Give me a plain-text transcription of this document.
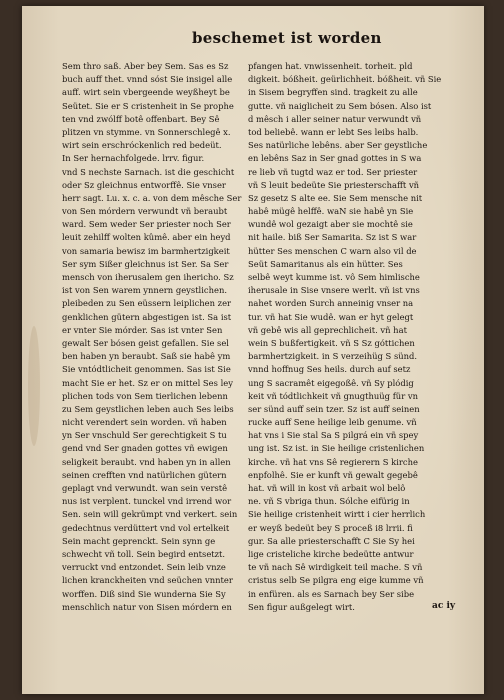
beschemet ist worden
Sem thro saß. Aber bey Sem. Sas es Sz
buch auff thet. vnnd sóst Sie insigel alle
auff. wirt sein vbergeende weyßheyt be
Seütet. Sie er S cristenheit in Se prophe
ten vnd zwólff botê offenbart. Bey Sê
plitzen vn stymme. vn Sonnerschlegê x.
wirt sein erschróckenlich red bedeüt.
In Ser hernachfolgede. lrrv. figur.
vnd S nechste Sarnach. ist die geschicht
oder Sz gleichnus entworffê. Sie vnser
herr sagt. Lu. x. c. a. von dem mêsche Ser
von Sen mórdern verwundt vñ beraubt
ward. Sem weder Ser priester noch Ser
leuit zehilff wolten kûmê. aber ein heyd
von samaria bewisz im barmhertzigkeit
Ser sym Sißer gleichnus ist Ser. Sa Ser
mensch von iherusalem gen ihericho. Sz
ist von Sen warem ynnern geystlichen.
pleibeden zu Sen eüssern leiplichen zer
genklichen gütern abgestigen ist. Sa ist
er vnter Sie mórder. Sas ist vnter Sen
gewalt Ser bósen geist gefallen. Sie sel
ben haben yn beraubt. Saß sie habê ym
Sie vntódtlicheit genommen. Sas ist Sie
macht Sie er het. Sz er on mittel Ses ley
plichen tods von Sem tierlichen lebenn
zu Sem geystlichen leben auch Ses leibs
nicht verendert sein worden. vñ haben
yn Ser vnschuld Ser gerechtigkeit S tu
gend vnd Ser gnaden gottes vñ ewigen
seligkeit beraubt. vnd haben yn in allen
seinen crefften vnd natürlichen gütern
geplagt vnd verwundt. wan sein verstê
nus ist verplent. tunckel vnd irrend wor
Sen. sein will gekrümpt vnd verkert. sein
gedechtnus verdüttert vnd vol ertelkeit
Sein macht geprenckt. Sein synn ge
schwecht vñ toll. Sein begird entsetzt.
verruckt vnd entzondet. Sein leib vnze
lichen kranckheiten vnd seüchen vnnter
worffen. Diß sind Sie wunderna Sie Sy
menschlich natur von Sisen mórdern en
pfangen hat. vnwissenheit. torheit. pld
digkeit. bóßheit. geürlichheit. bóßheit. vñ Sie
in Sisem begryffen sind. tragkeit zu alle
gutte. vñ naiglicheit zu Sem bósen. Also ist
d mêsch i aller seiner natur verwundt vñ
tod beliebê. wann er lebt Ses leibs halb.
Ses natürliche lebêns. aber Ser geystliche
en lebêns Saz in Ser gnad gottes in S wa
re lieb vñ tugtd waz er tod. Ser priester
vñ S leuit bedeüte Sie priesterschafft vñ
Sz gesetz S alte ee. Sie Sem mensche nit
habê mügê helffê. waN sie habê yn Sie
wundê wol gezaigt aber sie mochtê sie
nit haile. biß Ser Samarita. Sz ist S war
hütter Ses menschen C warn also vil de
Seüt Samaritanus als ein hütter. Ses
selbê weyt kumme ist. vô Sem himlische
iherusale in Sise vnsere werlt. vñ ist vns
nahet worden Surch anneinig vnser na
tur. vñ hat Sie wudê. wan er hyt gelegt
vñ gebê wis all geprechlicheit. vñ hat
wein S bußfertigkeit. vñ S Sz góttichen
barmhertzigkeit. in S verzeihüg S sünd.
vnnd hoffnug Ses heils. durch auf setz
ung S sacramêt eigegoßê. vñ Sy plódig
keit vñ tódtlichkeit vñ gnugthuüg für vn
ser sünd auff sein tzer. Sz ist auff seinen
rucke auff Sene heilige leib genume. vñ
hat vns i Sie stal Sa S pilgrá ein vñ spey
ung ist. Sz ist. in Sie heilige cristenlichen
kirche. vñ hat vns Sê regierern S kirche
enpfolhê. Sie er kunft vñ gewalt gegebê
hat. vñ will in kost vñ arbait wol belô
ne. vñ S vbriga thun. Sólche eifürig in
Sie heilige cristenheit wirtt i cier herrlich
er weyß bedeüt bey S proceß i8 lrrii. fi
gur. Sa alle priesterschafft C Sie Sy hei
lige cristeliche kirche bedeütte antwur
te vñ nach Sê wirdigkeit teil mache. S vñ
cristus selb Se pilgra eng eige kumme vñ
in enfüren. als es Sarnach bey Ser sibe
Sen figur außgelegt wirt.	ac iy
